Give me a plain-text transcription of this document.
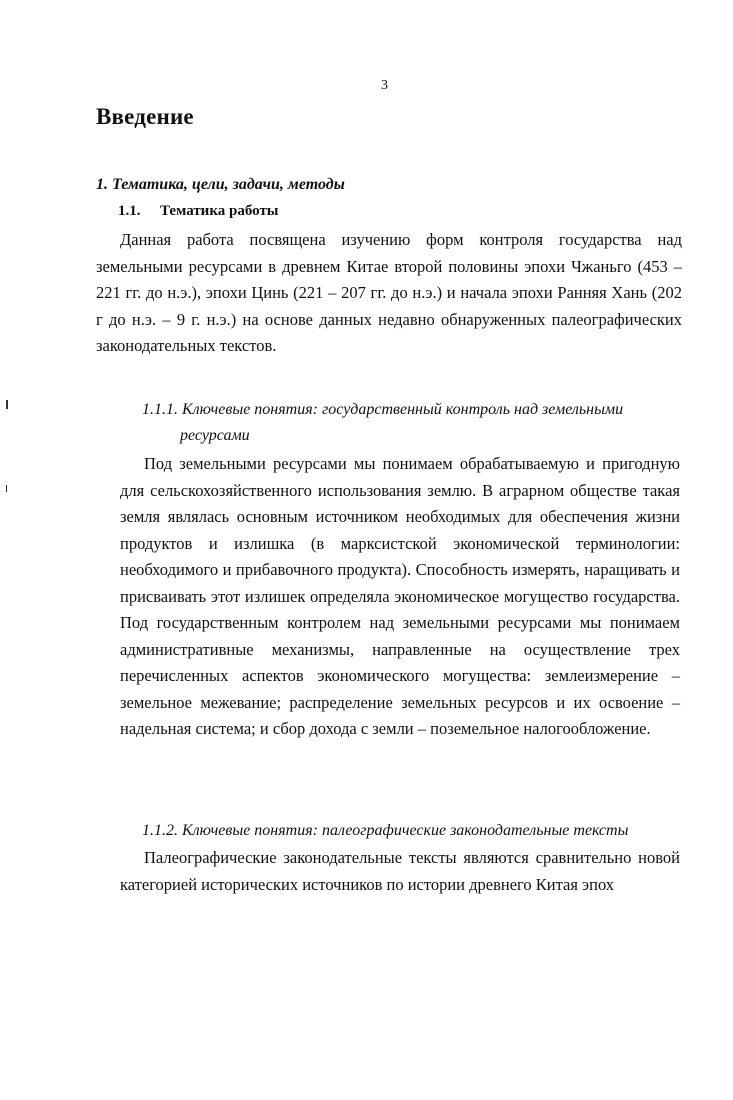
3
Введение
1. Тематика, цели, задачи, методы
1.1. Тематика работы

Данная работа посвящена изучению форм контроля государства над земельными ресурсами в древнем Китае второй половины эпохи Чжаньго (453 – 221 гг. до н.э.), эпохи Цинь (221 – 207 гг. до н.э.) и начала эпохи Ранняя Хань (202 г до н.э. – 9 г. н.э.) на основе данных недавно обнаруженных палеографических законодательных текстов.

1.1.1. Ключевые понятия: государственный контроль над земельными
ресурсами

Под земельными ресурсами мы понимаем обрабатываемую и пригодную для сельскохозяйственного использования землю. В аграрном обществе такая земля являлась основным источником необходимых для обеспечения жизни продуктов и излишка (в марксистской экономической терминологии: необходимого и прибавочного продукта). Способность измерять, наращивать и присваивать этот излишек определяла экономическое могущество государства. Под государственным контролем над земельными ресурсами мы понимаем административные механизмы, направленные на осуществление трех перечисленных аспектов экономического могущества: землеизмерение – земельное межевание; распределение земельных ресурсов и их освоение – надельная система; и сбор дохода с земли – поземельное налогообложение.

1.1.2. Ключевые понятия: палеографические законодательные тексты

Палеографические законодательные тексты являются сравнительно новой категорией исторических источников по истории древнего Китая эпох
